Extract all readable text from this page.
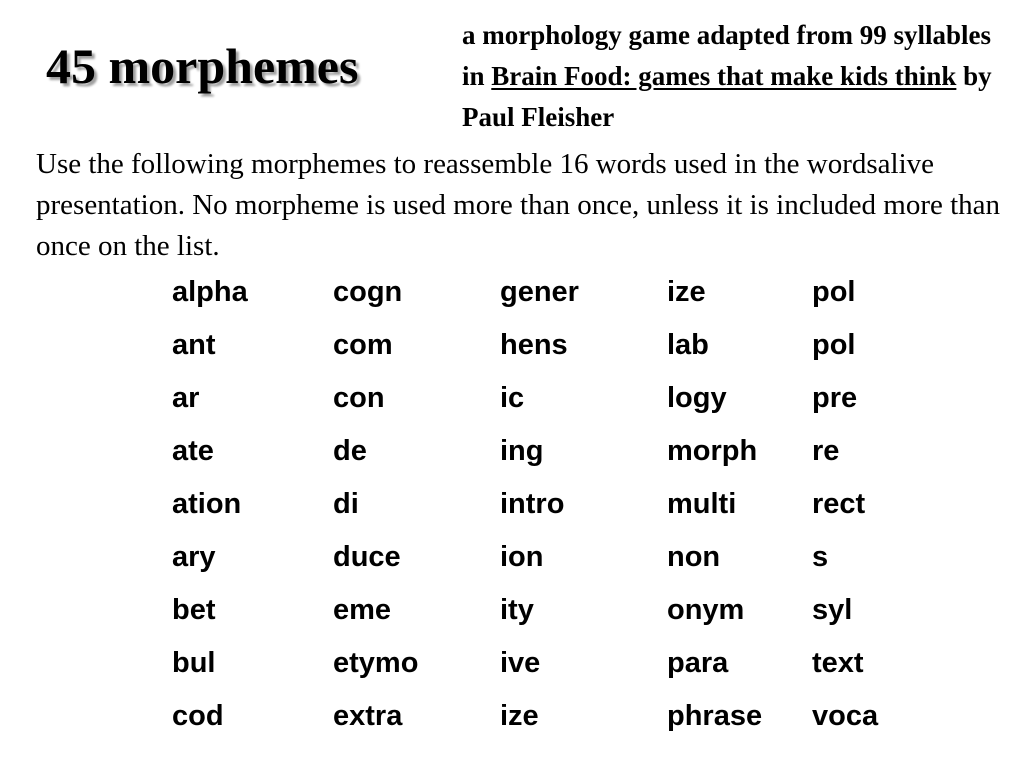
45 morphemes
a morphology game adapted from 99 syllables in Brain Food: games that make kids think by Paul Fleisher

Use the following morphemes to reassemble 16 words used in the wordsalive presentation. No morpheme is used more than once, unless it is included more than once on the list.

alpha
ant
ar
ate
ation
ary
bet
bul
cod
cogn
com
con
de
di
duce
eme
etymo
extra
gener
hens
ic
ing
intro
ion
ity
ive
ize
ize
lab
logy
morph
multi
non
onym
para
phrase
pol
pol
pre
re
rect
s
syl
text
voca
